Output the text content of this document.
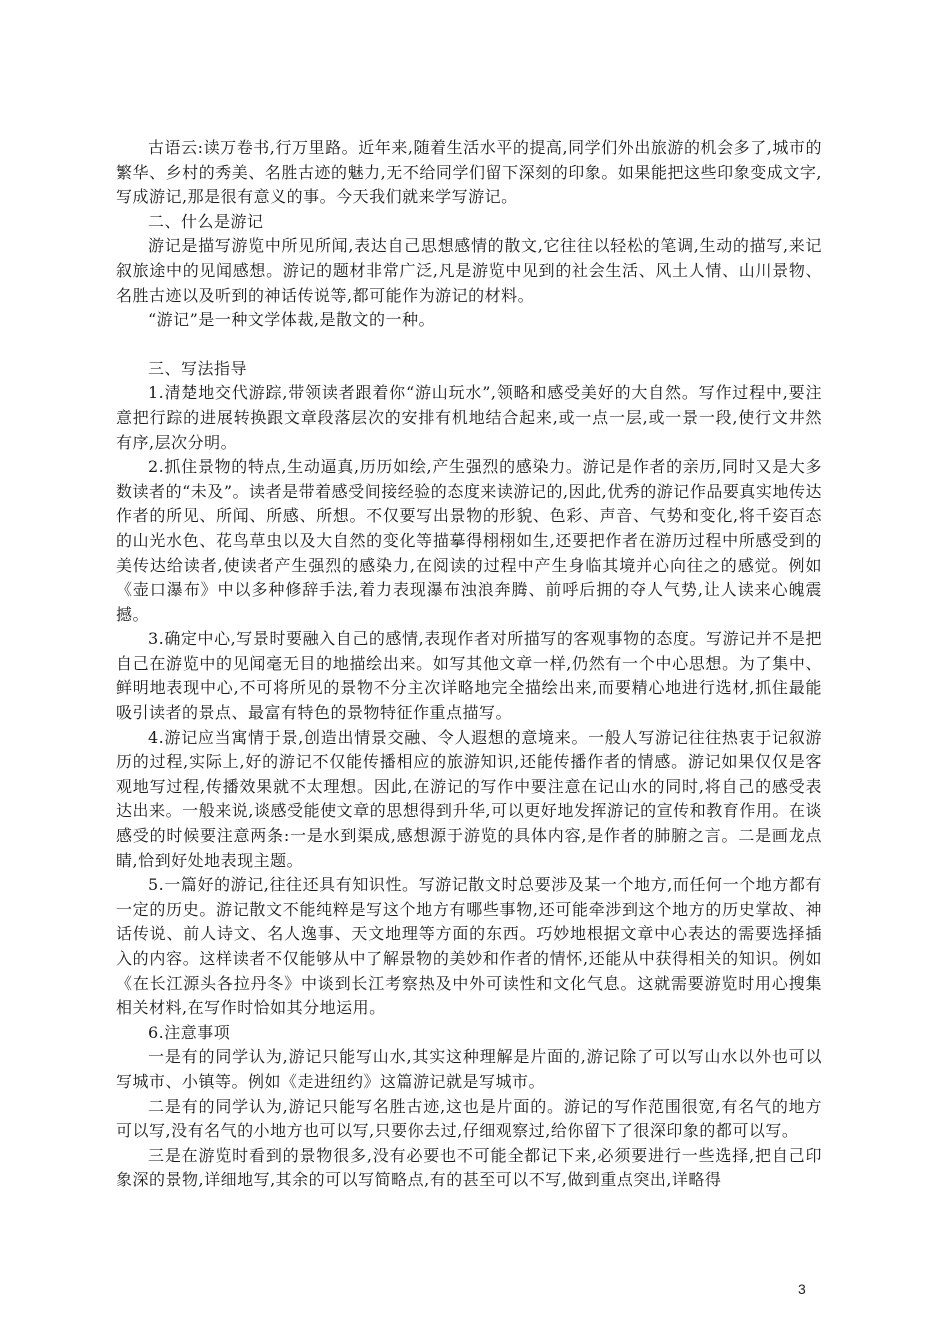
古语云:读万卷书,行万里路。近年来,随着生活水平的提高,同学们外出旅游的机会多了,城市的繁华、乡村的秀美、名胜古迹的魅力,无不给同学们留下深刻的印象。如果能把这些印象变成文字,写成游记,那是很有意义的事。今天我们就来学写游记。

二、什么是游记

游记是描写游览中所见所闻,表达自己思想感情的散文,它往往以轻松的笔调,生动的描写,来记叙旅途中的见闻感想。游记的题材非常广泛,凡是游览中见到的社会生活、风土人情、山川景物、名胜古迹以及听到的神话传说等,都可能作为游记的材料。

“游记”是一种文学体裁,是散文的一种。

三、写法指导

1.清楚地交代游踪,带领读者跟着你“游山玩水”,领略和感受美好的大自然。写作过程中,要注意把行踪的进展转换跟文章段落层次的安排有机地结合起来,或一点一层,或一景一段,使行文井然有序,层次分明。

2.抓住景物的特点,生动逼真,历历如绘,产生强烈的感染力。游记是作者的亲历,同时又是大多数读者的“未及”。读者是带着感受间接经验的态度来读游记的,因此,优秀的游记作品要真实地传达作者的所见、所闻、所感、所想。不仅要写出景物的形貌、色彩、声音、气势和变化,将千姿百态的山光水色、花鸟草虫以及大自然的变化等描摹得栩栩如生,还要把作者在游历过程中所感受到的美传达给读者,使读者产生强烈的感染力,在阅读的过程中产生身临其境并心向往之的感觉。例如《壶口瀑布》中以多种修辞手法,着力表现瀑布浊浪奔腾、前呼后拥的夺人气势,让人读来心魄震撼。

3.确定中心,写景时要融入自己的感情,表现作者对所描写的客观事物的态度。写游记并不是把自己在游览中的见闻毫无目的地描绘出来。如写其他文章一样,仍然有一个中心思想。为了集中、鲜明地表现中心,不可将所见的景物不分主次详略地完全描绘出来,而要精心地进行选材,抓住最能吸引读者的景点、最富有特色的景物特征作重点描写。

4.游记应当寓情于景,创造出情景交融、令人遐想的意境来。一般人写游记往往热衷于记叙游历的过程,实际上,好的游记不仅能传播相应的旅游知识,还能传播作者的情感。游记如果仅仅是客观地写过程,传播效果就不太理想。因此,在游记的写作中要注意在记山水的同时,将自己的感受表达出来。一般来说,谈感受能使文章的思想得到升华,可以更好地发挥游记的宣传和教育作用。在谈感受的时候要注意两条:一是水到渠成,感想源于游览的具体内容,是作者的肺腑之言。二是画龙点睛,恰到好处地表现主题。

5.一篇好的游记,往往还具有知识性。写游记散文时总要涉及某一个地方,而任何一个地方都有一定的历史。游记散文不能纯粹是写这个地方有哪些事物,还可能牵涉到这个地方的历史掌故、神话传说、前人诗文、名人逸事、天文地理等方面的东西。巧妙地根据文章中心表达的需要选择插入的内容。这样读者不仅能够从中了解景物的美妙和作者的情怀,还能从中获得相关的知识。例如《在长江源头各拉丹冬》中谈到长江考察热及中外可读性和文化气息。这就需要游览时用心搜集相关材料,在写作时恰如其分地运用。

6.注意事项

一是有的同学认为,游记只能写山水,其实这种理解是片面的,游记除了可以写山水以外也可以写城市、小镇等。例如《走进纽约》这篇游记就是写城市。

二是有的同学认为,游记只能写名胜古迹,这也是片面的。游记的写作范围很宽,有名气的地方可以写,没有名气的小地方也可以写,只要你去过,仔细观察过,给你留下了很深印象的都可以写。

三是在游览时看到的景物很多,没有必要也不可能全都记下来,必须要进行一些选择,把自己印象深的景物,详细地写,其余的可以写简略点,有的甚至可以不写,做到重点突出,详略得

3
